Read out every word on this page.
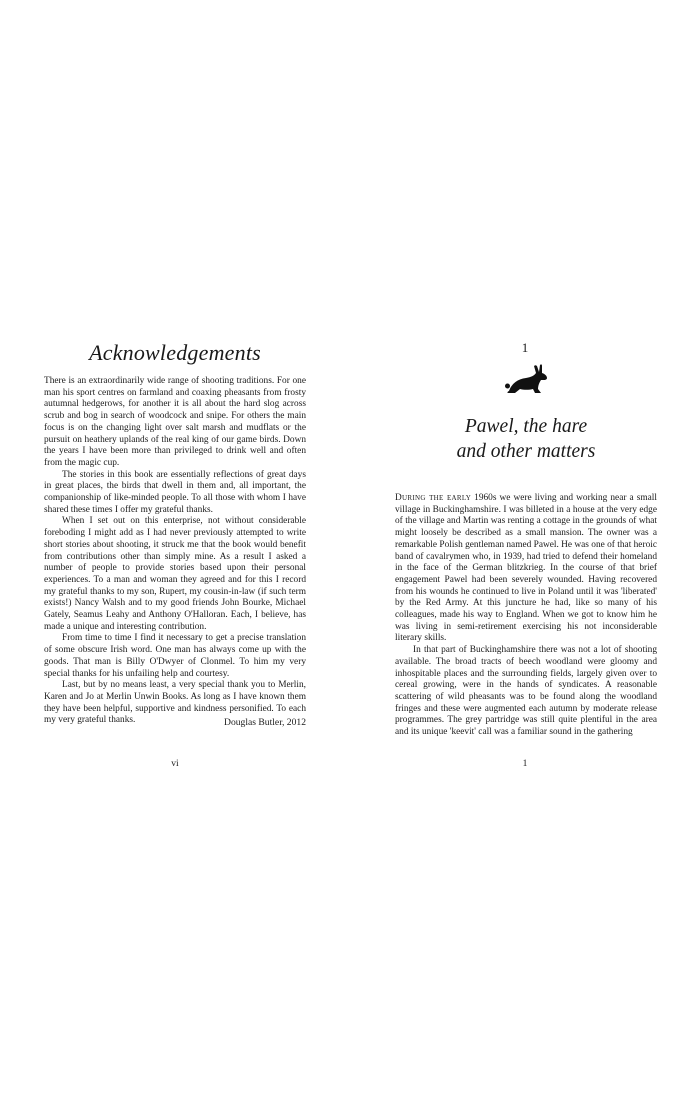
Acknowledgements

There is an extraordinarily wide range of shooting traditions. For one man his sport centres on farmland and coaxing pheasants from frosty autumnal hedgerows, for another it is all about the hard slog across scrub and bog in search of woodcock and snipe. For others the main focus is on the changing light over salt marsh and mudflats or the pursuit on heathery uplands of the real king of our game birds. Down the years I have been more than privileged to drink well and often from the magic cup.

The stories in this book are essentially reflections of great days in great places, the birds that dwell in them and, all important, the companionship of like-minded people. To all those with whom I have shared these times I offer my grateful thanks.

When I set out on this enterprise, not without considerable foreboding I might add as I had never previously attempted to write short stories about shooting, it struck me that the book would benefit from contributions other than simply mine. As a result I asked a number of people to provide stories based upon their personal experiences. To a man and woman they agreed and for this I record my grateful thanks to my son, Rupert, my cousin-in-law (if such term exists!) Nancy Walsh and to my good friends John Bourke, Michael Gately, Seamus Leahy and Anthony O'Halloran. Each, I believe, has made a unique and interesting contribution.

From time to time I find it necessary to get a precise translation of some obscure Irish word. One man has always come up with the goods. That man is Billy O'Dwyer of Clonmel. To him my very special thanks for his unfailing help and courtesy.

Last, but by no means least, a very special thank you to Merlin, Karen and Jo at Merlin Unwin Books. As long as I have known them they have been helpful, supportive and kindness personified. To each my very grateful thanks.	Douglas Butler, 2012

vi

1

Pawel, the hare
and other matters

During the early 1960s we were living and working near a small village in Buckinghamshire. I was billeted in a house at the very edge of the village and Martin was renting a cottage in the grounds of what might loosely be described as a small mansion. The owner was a remarkable Polish gentleman named Pawel. He was one of that heroic band of cavalrymen who, in 1939, had tried to defend their homeland in the face of the German blitzkrieg. In the course of that brief engagement Pawel had been severely wounded. Having recovered from his wounds he continued to live in Poland until it was 'liberated' by the Red Army. At this juncture he had, like so many of his colleagues, made his way to England. When we got to know him he was living in semi-retirement exercising his not inconsiderable literary skills.

In that part of Buckinghamshire there was not a lot of shooting available. The broad tracts of beech woodland were gloomy and inhospitable places and the surrounding fields, largely given over to cereal growing, were in the hands of syndicates. A reasonable scattering of wild pheasants was to be found along the woodland fringes and these were augmented each autumn by moderate release programmes. The grey partridge was still quite plentiful in the area and its unique 'keevit' call was a familiar sound in the gathering

1
